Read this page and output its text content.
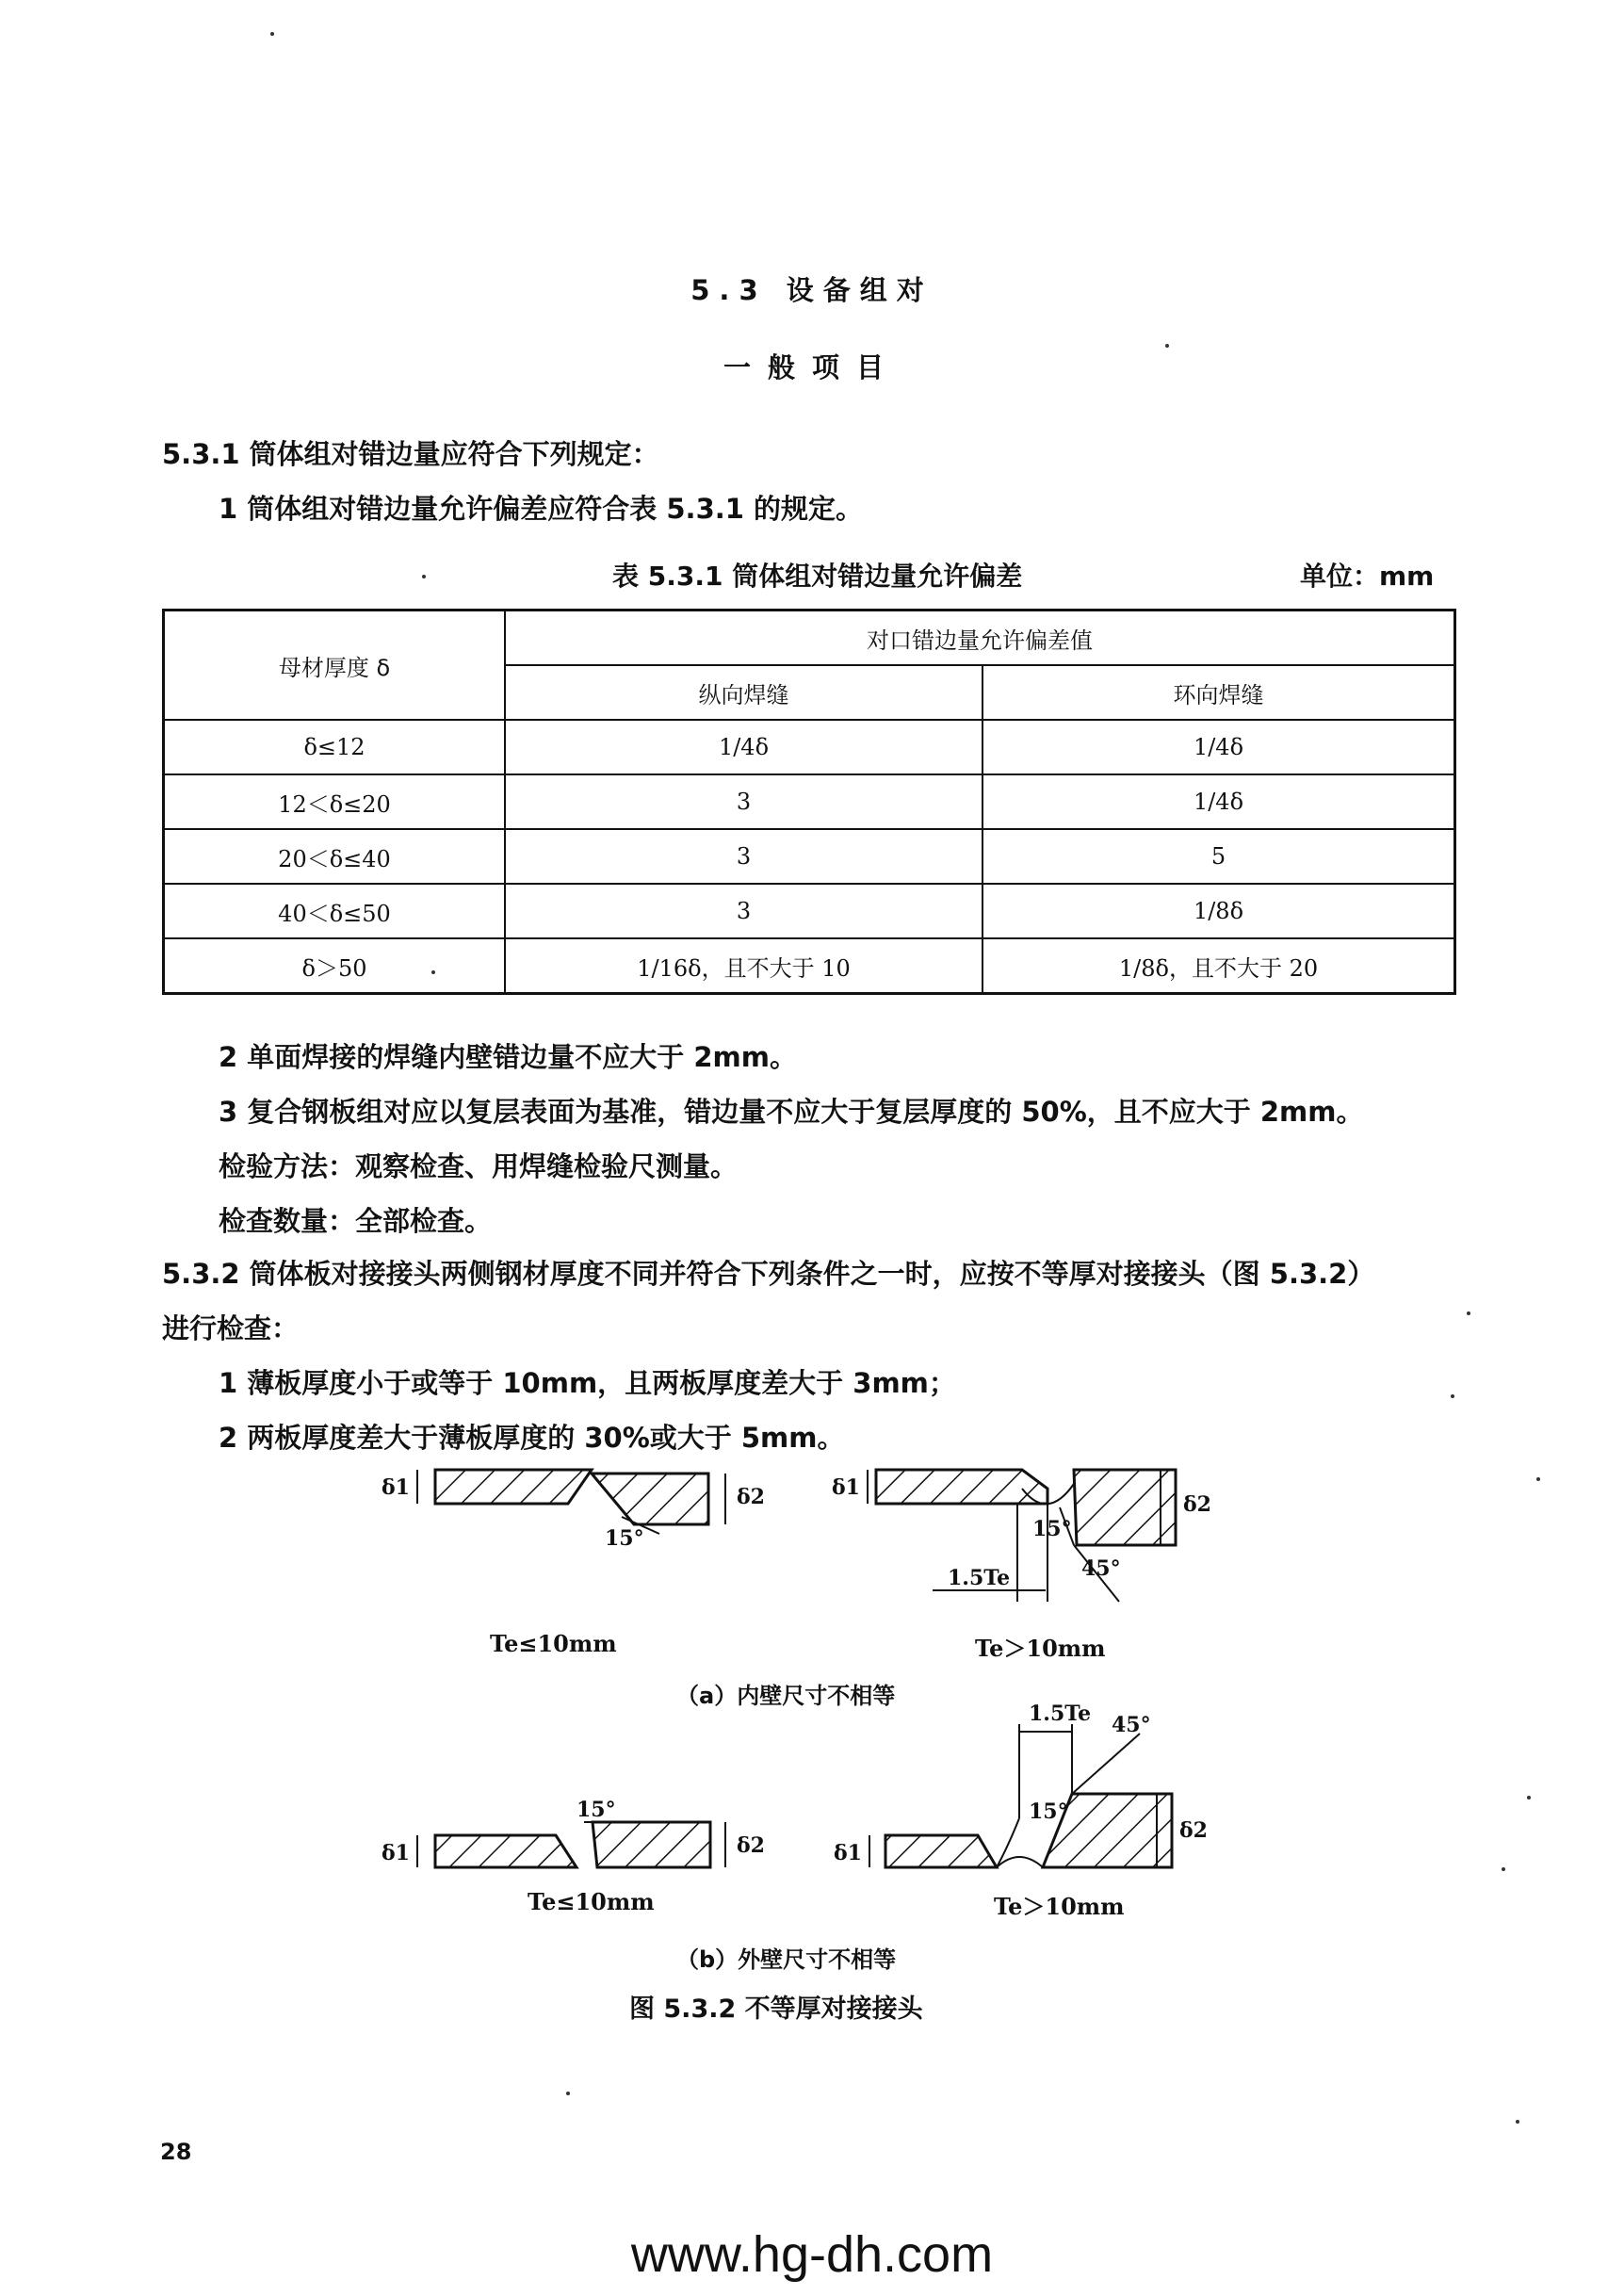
5.3 设备组对
一般项目
5.3.1 筒体组对错边量应符合下列规定：
1 筒体组对错边量允许偏差应符合表 5.3.1 的规定。
表 5.3.1 筒体组对错边量允许偏差	单位：mm
母材厚度 δ	对口错边量允许偏差值	
	纵向焊缝	环向焊缝
δ≤12	1/4δ	1/4δ
12＜δ≤20	3	1/4δ
20＜δ≤40	3	5
40＜δ≤50	3	1/8δ
δ＞50	1/16δ，且不大于 10	1/8δ，且不大于 20
2 单面焊接的焊缝内壁错边量不应大于 2mm。
3 复合钢板组对应以复层表面为基准，错边量不应大于复层厚度的 50%，且不应大于 2mm。
检验方法：观察检查、用焊缝检验尺测量。
检查数量：全部检查。
5.3.2 筒体板对接接头两侧钢材厚度不同并符合下列条件之一时，应按不等厚对接接头（图 5.3.2）
进行检查：
1 薄板厚度小于或等于 10mm，且两板厚度差大于 3mm；
2 两板厚度差大于薄板厚度的 30%或大于 5mm。
δ1	δ2
15°
δ1
δ2
15°
45°
1.5Te
δ1	δ2
15°
δ1
δ2
15°
45°
1.5Te
Te≤10mm	Te＞10mm
（a）内壁尺寸不相等
Te≤10mm	Te＞10mm
（b）外壁尺寸不相等
图 5.3.2 不等厚对接接头
28
www.hg-dh.com
